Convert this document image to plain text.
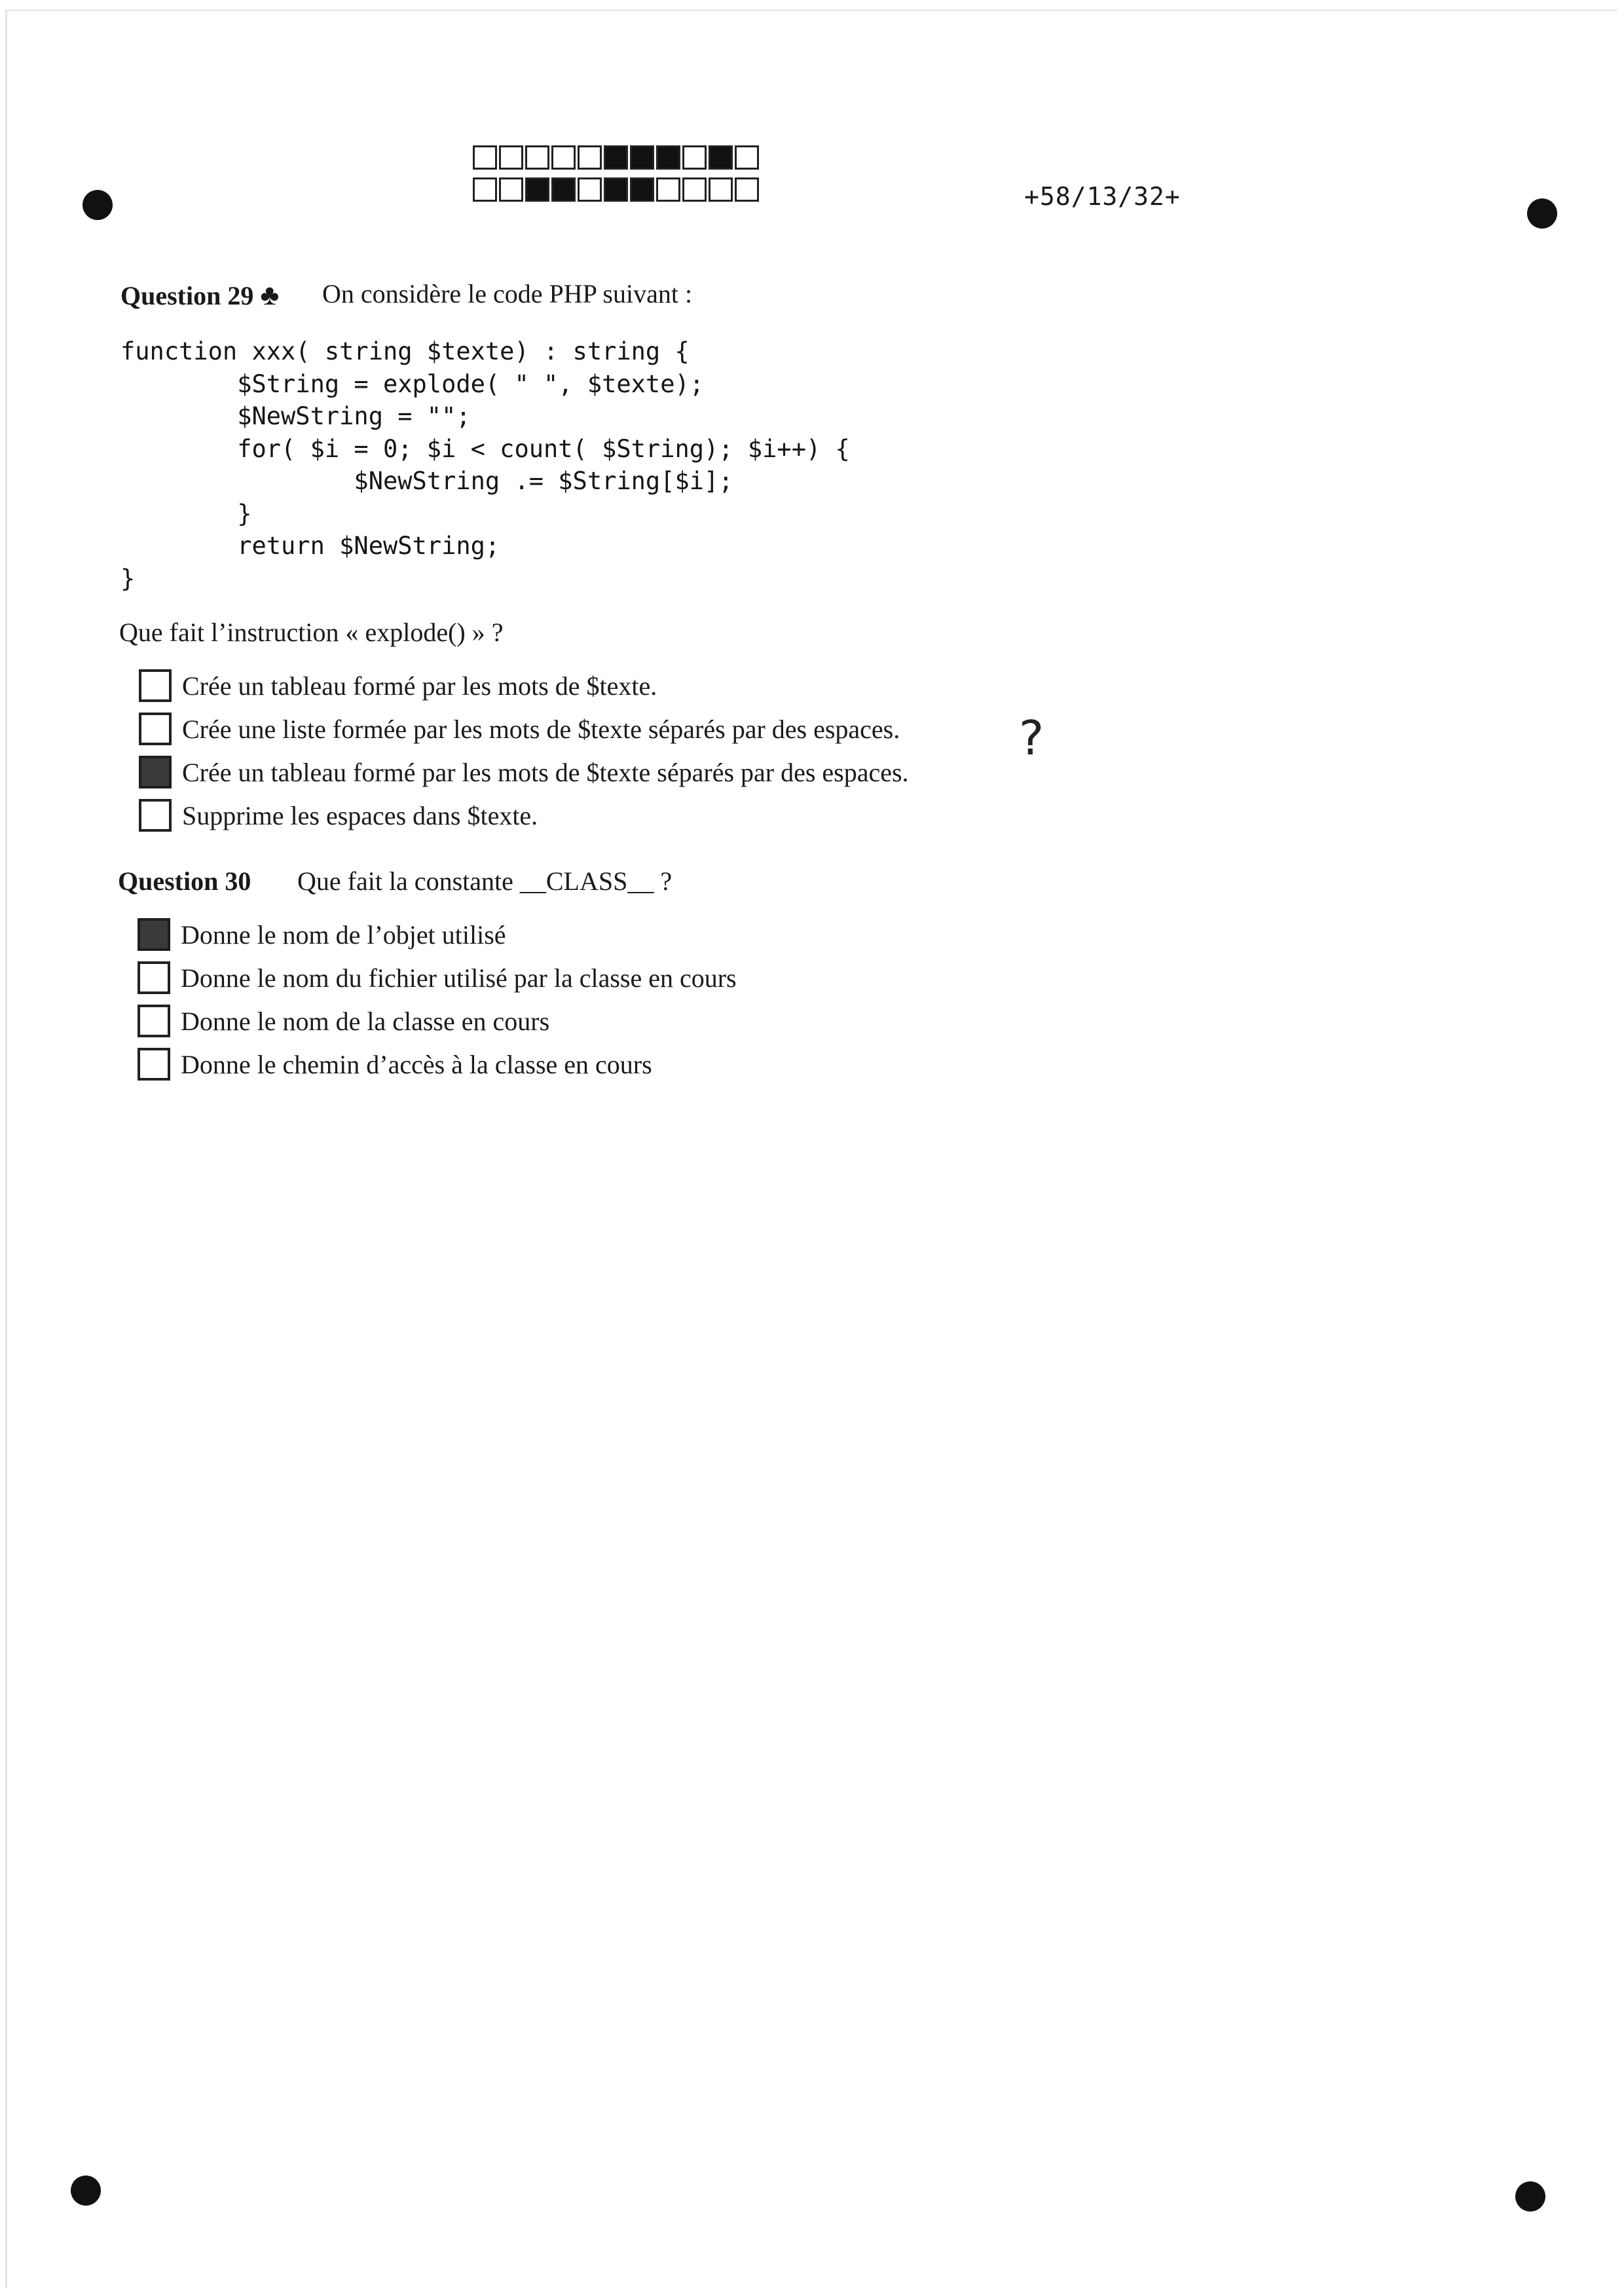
+58/13/32+
Question 29 ♣ On considère le code PHP suivant :
function xxx( string $texte) : string {
$String = explode( " ", $texte);
$NewString = "";
for( $i = 0; $i < count( $String); $i++) {
$NewString .= $String[$i];
}
return $NewString;
}
Que fait l’instruction « explode() » ?
Crée un tableau formé par les mots de $texte.
Crée une liste formée par les mots de $texte séparés par des espaces.
Crée un tableau formé par les mots de $texte séparés par des espaces.
Supprime les espaces dans $texte.
?
Question 30 Que fait la constante __CLASS__ ?
Donne le nom de l’objet utilisé
Donne le nom du fichier utilisé par la classe en cours
Donne le nom de la classe en cours
Donne le chemin d’accès à la classe en cours
